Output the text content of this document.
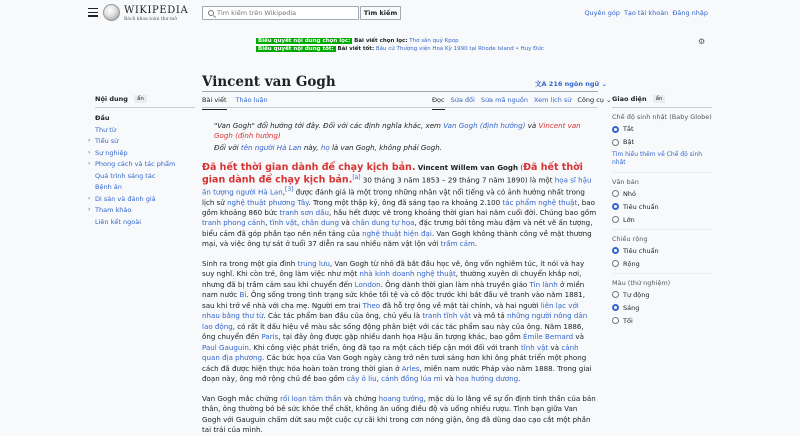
WIKIPEDIA
Bách khoa toàn thư mở
Tìm kiếm trên Wikipedia
Tìm kiếm	Quyên góp Tạo tài khoản Đăng nhập
Biểu quyết nội dung chọn lọc: Bài viết chọn lọc: Thơ sân quý Kpop
Biểu quyết nội dung tốt: Bài viết tốt: Bầu cử Thượng viện Hoa Kỳ 1990 tại Rhode Island • Huy Đức
⚙
Vincent van Gogh	文A 216 ngôn ngữ ⌄
Bài viết Thảo luận	Đọc Sửa đổi Sửa mã nguồn Xem lịch sử Công cụ ⌄
Nội dung	ẩn
Đầu
Thư từ
› Tiểu sử
› Sự nghiệp
› Phong cách và tác phẩm
Quá trình sáng tác
Bệnh án
› Di sản và đánh giá
› Tham khảo
Liên kết ngoài
Giao diện	ẩn
Chế độ sinh nhật (Baby Globe)
Tắt
Bật
Tìm hiểu thêm về Chế độ sinh nhật
Văn bản
Nhỏ
Tiêu chuẩn
Lớn
Chiều rộng
Tiêu chuẩn
Rộng
Màu (thử nghiệm)
Tự động
Sáng
Tối
"Van Gogh" đổi hướng tới đây. Đối với các định nghĩa khác, xem Van Gogh (định hướng) và Vincent van Gogh (định hướng)
Đối với tên người Hà Lan này, họ là van Gogh, không phải Gogh.

Đã hết thời gian dành để chạy kịch bản. Vincent Willem van Gogh (Đã hết thời gian dành để chạy kịch bản.[a] 30 tháng 3 năm 1853 – 29 tháng 7 năm 1890) là một họa sĩ hậu ấn tượng người Hà Lan,[3] được đánh giá là một trong những nhân vật nổi tiếng và có ảnh hưởng nhất trong lịch sử nghệ thuật phương Tây. Trong một thập kỷ, ông đã sáng tạo ra khoảng 2.100 tác phẩm nghệ thuật, bao gồm khoảng 860 bức tranh sơn dầu, hầu hết được vẽ trong khoảng thời gian hai năm cuối đời. Chúng bao gồm tranh phong cảnh, tĩnh vật, chân dung và chân dung tự họa, đặc trưng bởi tông màu đậm và nét vẽ ấn tượng, biểu cảm đã góp phần tạo nên nền tảng của nghệ thuật hiện đại. Van Gogh không thành công về mặt thương mại, và việc ông tự sát ở tuổi 37 diễn ra sau nhiều năm vật lộn với trầm cảm.

Sinh ra trong một gia đình trung lưu, Van Gogh từ nhỏ đã bắt đầu học vẽ, ông vốn nghiêm túc, ít nói và hay suy nghĩ. Khi còn trẻ, ông làm việc như một nhà kinh doanh nghệ thuật, thường xuyên di chuyển khắp nơi, nhưng đã bị trầm cảm sau khi chuyển đến London. Ông dành thời gian làm nhà truyền giáo Tin lành ở miền nam nước Bỉ. Ông sống trong tình trạng sức khỏe tồi tệ và cô độc trước khi bắt đầu vẽ tranh vào năm 1881, sau khi trở về nhà với cha mẹ. Người em trai Theo đã hỗ trợ ông về mặt tài chính, và hai người liên lạc với nhau bằng thư từ. Các tác phẩm ban đầu của ông, chủ yếu là tranh tĩnh vật và mô tả những người nông dân lao động, có rất ít dấu hiệu về màu sắc sống động phân biệt với các tác phẩm sau này của ông. Năm 1886, ông chuyển đến Paris, tại đây ông được gặp nhiều danh họa Hậu ấn tượng khác, bao gồm Émile Bernard và Paul Gauguin. Khi công việc phát triển, ông đã tạo ra một cách tiếp cận mới đối với tranh tĩnh vật và cảnh quan địa phương. Các bức họa của Van Gogh ngày càng trở nên tươi sáng hơn khi ông phát triển một phong cách đã được hiện thực hóa hoàn toàn trong thời gian ở Arles, miền nam nước Pháp vào năm 1888. Trong giai đoạn này, ông mở rộng chủ đề bao gồm cây ô liu, cánh đồng lúa mì và hoa hướng dương.

Van Gogh mắc chứng rối loạn tâm thần và chứng hoang tưởng, mặc dù lo lắng về sự ổn định tinh thần của bản thân, ông thường bỏ bê sức khỏe thể chất, không ăn uống điều độ và uống nhiều rượu. Tình bạn giữa Van Gogh với Gauguin chấm dứt sau một cuộc cự cãi khi trong cơn nóng giận, ông đã dùng dao cạo cắt một phần tai trái của mình.
